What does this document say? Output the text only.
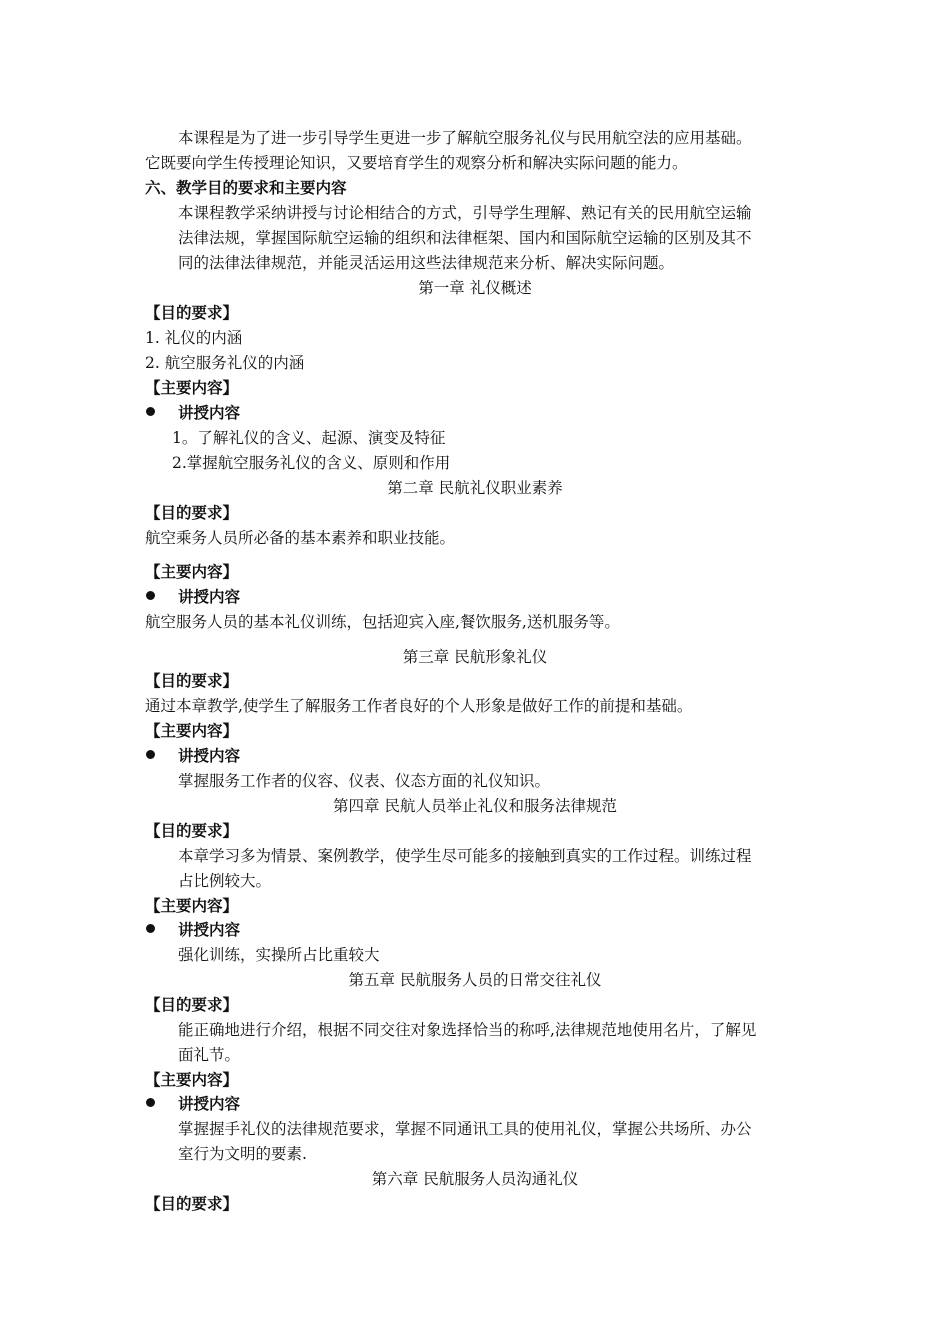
本课程是为了进一步引导学生更进一步了解航空服务礼仪与民用航空法的应用基础。
它既要向学生传授理论知识，又要培育学生的观察分析和解决实际问题的能力。
六、教学目的要求和主要内容
本课程教学采纳讲授与讨论相结合的方式，引导学生理解、熟记有关的民用航空运输
法律法规，掌握国际航空运输的组织和法律框架、国内和国际航空运输的区别及其不
同的法律法律规范，并能灵活运用这些法律规范来分析、解决实际问题。
第一章 礼仪概述
【目的要求】
1. 礼仪的内涵
2. 航空服务礼仪的内涵
【主要内容】
讲授内容
1。了解礼仪的含义、起源、演变及特征
2.掌握航空服务礼仪的含义、原则和作用
第二章 民航礼仪职业素养
【目的要求】
航空乘务人员所必备的基本素养和职业技能。
【主要内容】
讲授内容
航空服务人员的基本礼仪训练，包括迎宾入座,餐饮服务,送机服务等。
第三章 民航形象礼仪
【目的要求】
通过本章教学,使学生了解服务工作者良好的个人形象是做好工作的前提和基础。
【主要内容】
讲授内容
掌握服务工作者的仪容、仪表、仪态方面的礼仪知识。
第四章 民航人员举止礼仪和服务法律规范
【目的要求】
本章学习多为情景、案例教学，使学生尽可能多的接触到真实的工作过程。训练过程
占比例较大。
【主要内容】
讲授内容
强化训练，实操所占比重较大
第五章 民航服务人员的日常交往礼仪
【目的要求】
能正确地进行介绍，根据不同交往对象选择恰当的称呼,法律规范地使用名片，了解见
面礼节。
【主要内容】
讲授内容
掌握握手礼仪的法律规范要求，掌握不同通讯工具的使用礼仪，掌握公共场所、办公
室行为文明的要素.
第六章 民航服务人员沟通礼仪
【目的要求】
